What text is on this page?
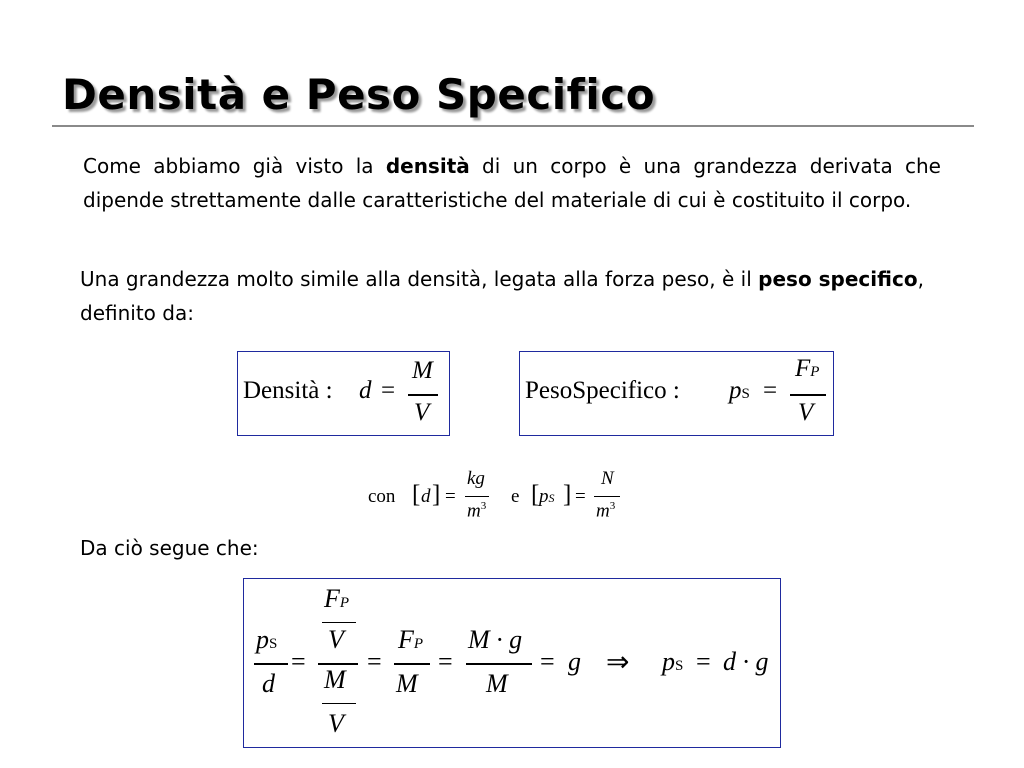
Densità e Peso Specifico
Come abbiamo già visto la densità di un corpo è una grandezza derivata che dipende strettamente dalle caratteristiche del materiale di cui è costituito il corpo.
Una grandezza molto simile alla densità, legata alla forza peso, è il peso specifico, definito da:
Densità : d =
M
V
PesoSpecifico : pS =
FP
V
con [ d ] =
kg
$m^3$ e [ pS ] =
N
$m^3$
Da ciò segue che:
pS
d
=
FP
V
M
V
=
FP
M
=
M · g
M
= g ⇒ pS = d · g
